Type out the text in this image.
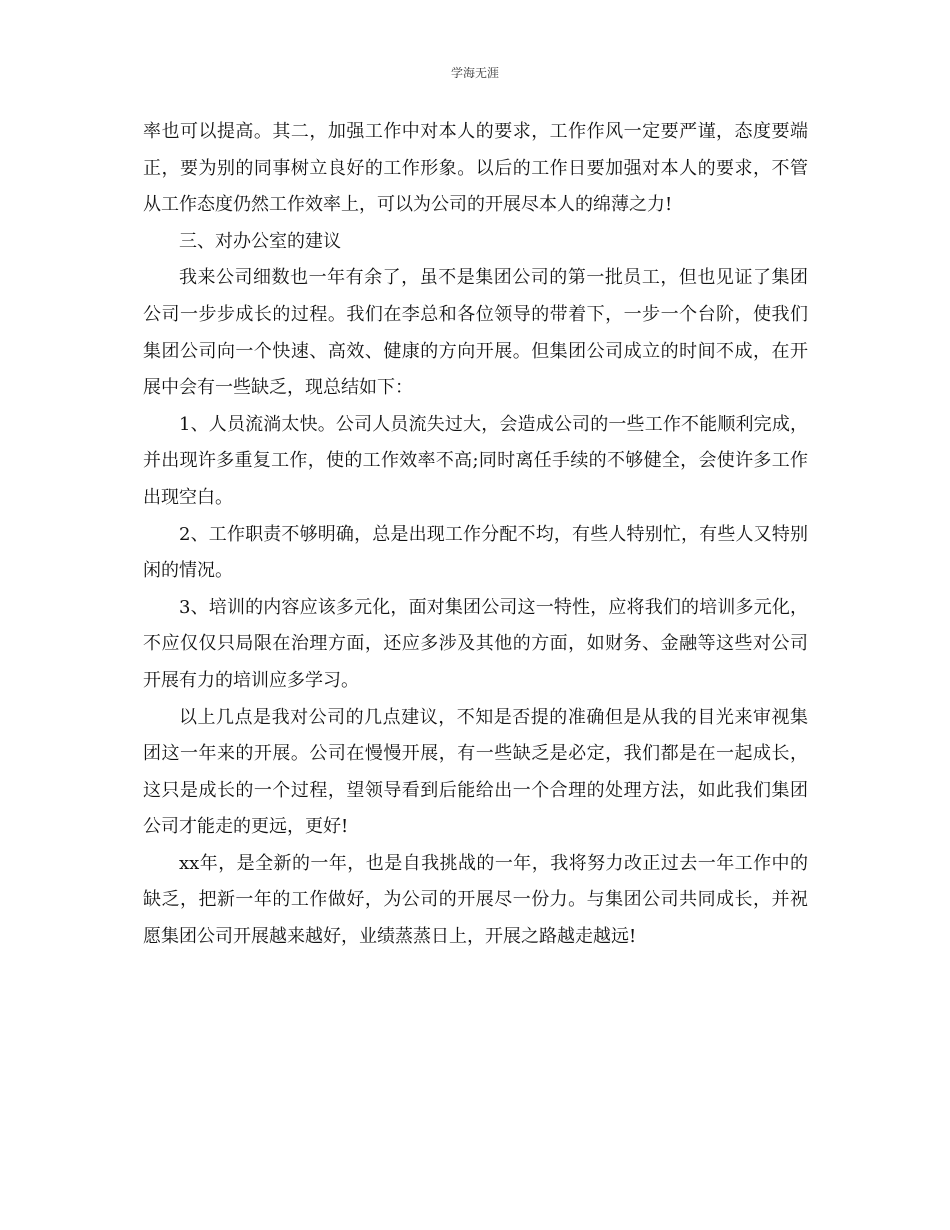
学海无涯

率也可以提高。其二，加强工作中对本人的要求，工作作风一定要严谨，态度要端正，要为别的同事树立良好的工作形象。以后的工作日要加强对本人的要求，不管从工作态度仍然工作效率上，可以为公司的开展尽本人的绵薄之力!

三、对办公室的建议

我来公司细数也一年有余了，虽不是集团公司的第一批员工，但也见证了集团公司一步步成长的过程。我们在李总和各位领导的带着下，一步一个台阶，使我们集团公司向一个快速、高效、健康的方向开展。但集团公司成立的时间不成，在开展中会有一些缺乏，现总结如下：

1、人员流淌太快。公司人员流失过大，会造成公司的一些工作不能顺利完成，并出现许多重复工作，使的工作效率不高;同时离任手续的不够健全，会使许多工作出现空白。

2、工作职责不够明确，总是出现工作分配不均，有些人特别忙，有些人又特别闲的情况。

3、培训的内容应该多元化，面对集团公司这一特性，应将我们的培训多元化，不应仅仅只局限在治理方面，还应多涉及其他的方面，如财务、金融等这些对公司开展有力的培训应多学习。

以上几点是我对公司的几点建议，不知是否提的准确但是从我的目光来审视集团这一年来的开展。公司在慢慢开展，有一些缺乏是必定，我们都是在一起成长，这只是成长的一个过程，望领导看到后能给出一个合理的处理方法，如此我们集团公司才能走的更远，更好!

xx年，是全新的一年，也是自我挑战的一年，我将努力改正过去一年工作中的缺乏，把新一年的工作做好，为公司的开展尽一份力。与集团公司共同成长，并祝愿集团公司开展越来越好，业绩蒸蒸日上，开展之路越走越远!
